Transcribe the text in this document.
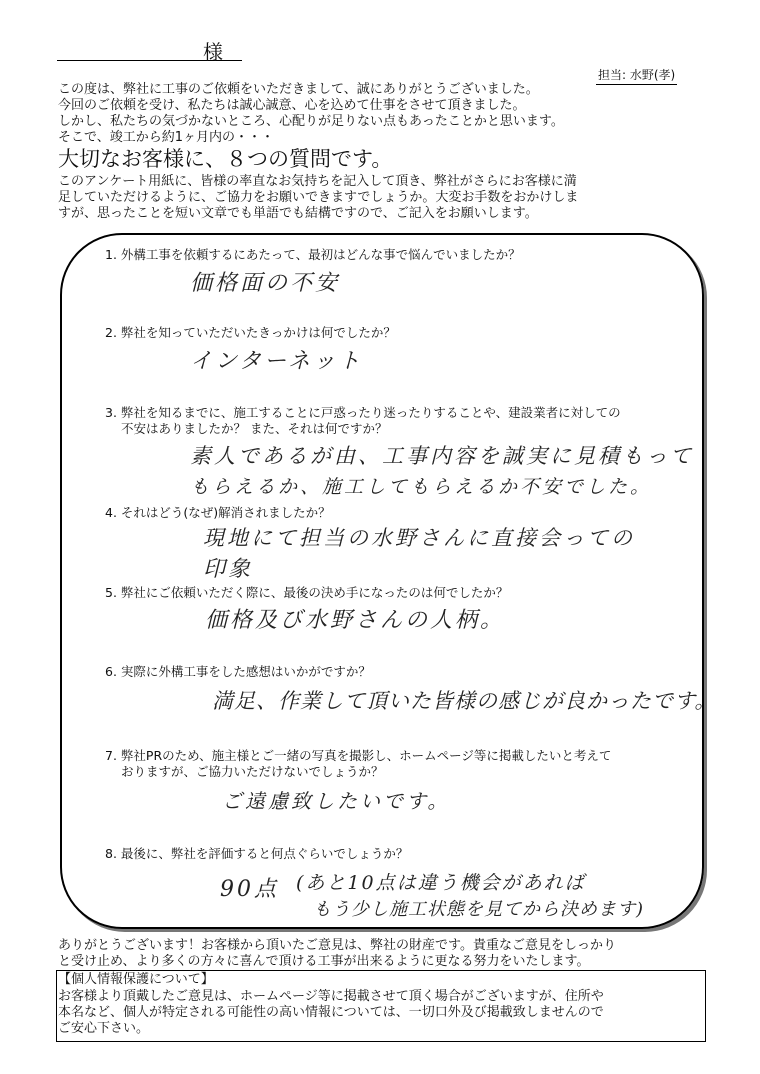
様
担当: 水野(孝)
この度は、弊社に工事のご依頼をいただきまして、誠にありがとうございました。
今回のご依頼を受け、私たちは誠心誠意、心を込めて仕事をさせて頂きました。
しかし、私たちの気づかないところ、心配りが足りない点もあったことかと思います。
そこで、竣工から約1ヶ月内の・・・
大切なお客様に、８つの質問です。
このアンケート用紙に、皆様の率直なお気持ちを記入して頂き、弊社がさらにお客様に満
足していただけるように、ご協力をお願いできますでしょうか。大変お手数をおかけしま
すが、思ったことを短い文章でも単語でも結構ですので、ご記入をお願いします。
1. 外構工事を依頼するにあたって、最初はどんな事で悩んでいましたか？
価格面の不安
2. 弊社を知っていただいたきっかけは何でしたか？
インターネット
3. 弊社を知るまでに、施工することに戸惑ったり迷ったりすることや、建設業者に対しての
不安はありましたか？ また、それは何ですか？
素人であるが由、工事内容を誠実に見積もって
もらえるか、施工してもらえるか不安でした。
4. それはどう(なぜ)解消されましたか？
現地にて担当の水野さんに直接会っての
印象
5. 弊社にご依頼いただく際に、最後の決め手になったのは何でしたか？
価格及び水野さんの人柄。
6. 実際に外構工事をした感想はいかがですか？
満足、作業して頂いた皆様の感じが良かったです。
7. 弊社PRのため、施主様とご一緒の写真を撮影し、ホームページ等に掲載したいと考えて
おりますが、ご協力いただけないでしょうか？
ご遠慮致したいです。
8. 最後に、弊社を評価すると何点ぐらいでしょうか？
90点 (あと10点は違う機会があれば
もう少し施工状態を見てから決めます)
ありがとうございます！お客様から頂いたご意見は、弊社の財産です。貴重なご意見をしっかり
と受け止め、より多くの方々に喜んで頂ける工事が出来るように更なる努力をいたします。
【個人情報保護について】
お客様より頂戴したご意見は、ホームページ等に掲載させて頂く場合がございますが、住所や
本名など、個人が特定される可能性の高い情報については、一切口外及び掲載致しませんので
ご安心下さい。
